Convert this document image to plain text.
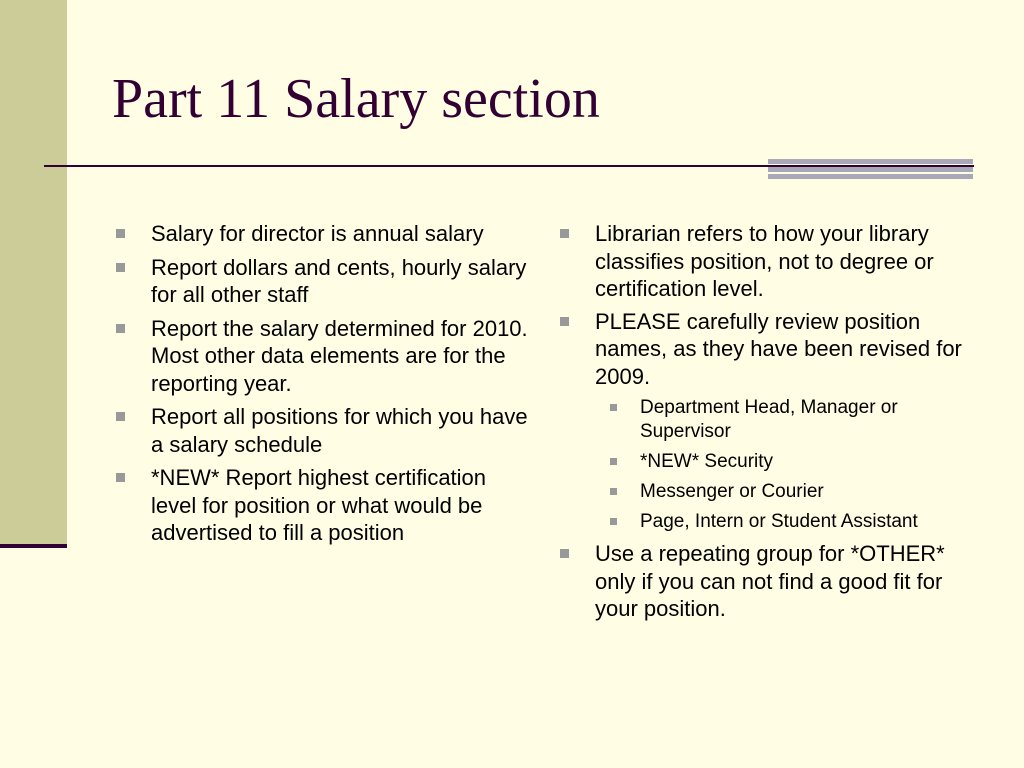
Part 11 Salary section
Salary for director is annual salary
Report dollars and cents, hourly salary for all other staff
Report the salary determined for 2010. Most other data elements are for the reporting year.
Report all positions for which you have a salary schedule
*NEW* Report highest certification level for position or what would be advertised to fill a position
Librarian refers to how your library classifies position, not to degree or certification level.
PLEASE carefully review position names, as they have been revised for 2009.
Department Head, Manager or Supervisor
*NEW* Security
Messenger or Courier
Page, Intern or Student Assistant
Use a repeating group for *OTHER* only if you can not find a good fit for your position.
